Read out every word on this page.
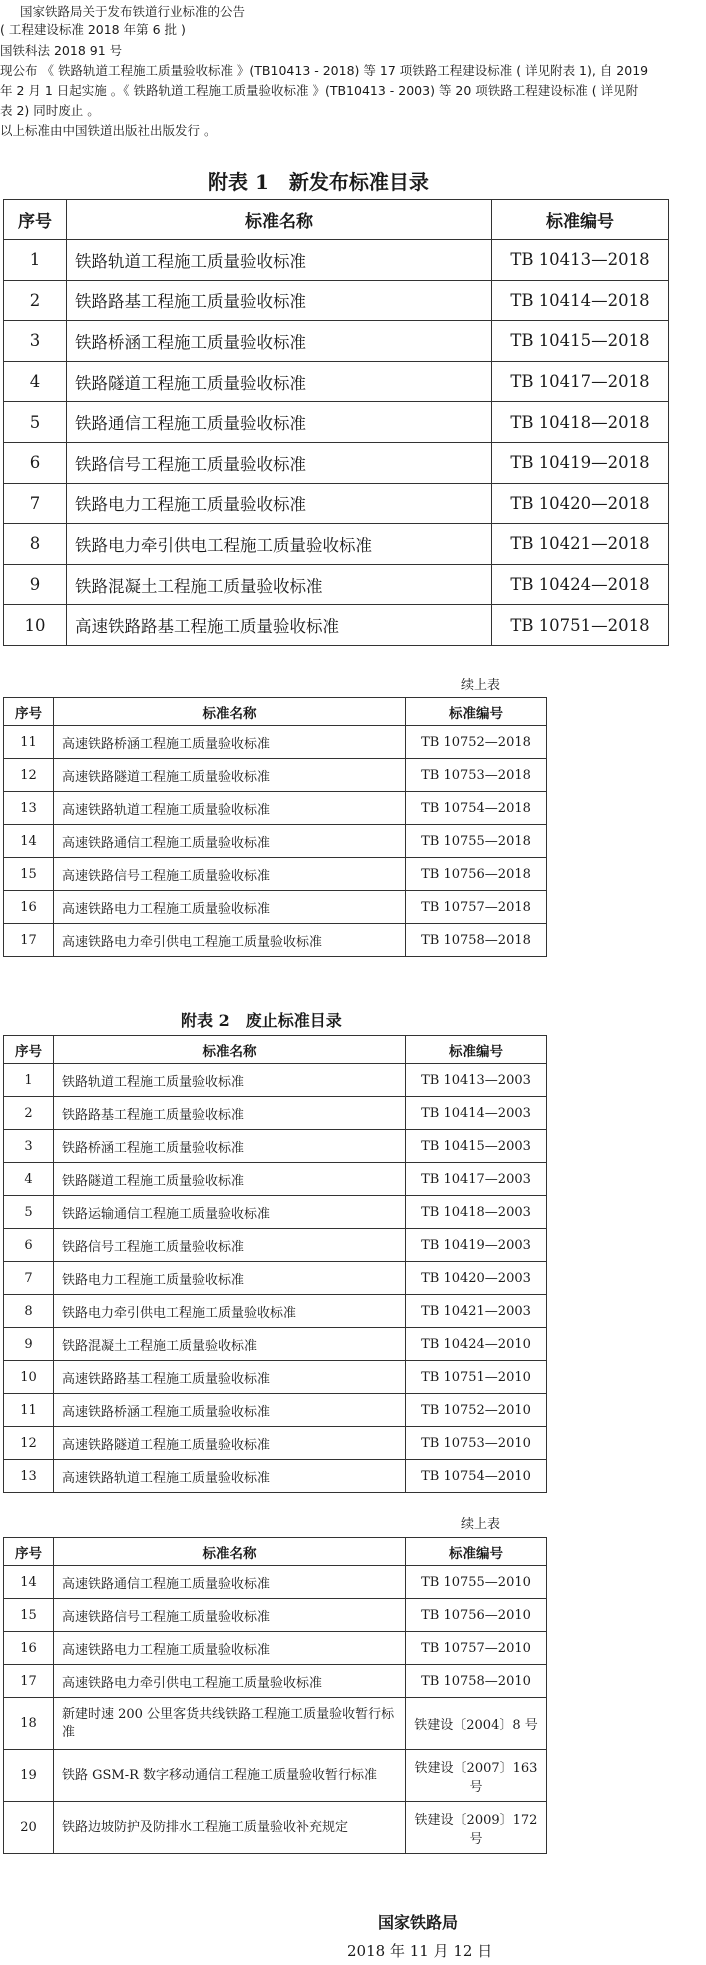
国家铁路局关于发布铁道行业标准的公告
( 工程建设标准 2018 年第 6 批 )
国铁科法 2018 91 号
现公布 《 铁路轨道工程施工质量验收标准 》(TB10413 - 2018) 等 17 项铁路工程建设标准 ( 详见附表 1), 自 2019
年 2 月 1 日起实施 。《 铁路轨道工程施工质量验收标准 》(TB10413 - 2003) 等 20 项铁路工程建设标准 ( 详见附
表 2) 同时废止 。
以上标准由中国铁道出版社出版发行 。
附表 1　新发布标准目录
序号	标准名称	标准编号
1	铁路轨道工程施工质量验收标准	TB 10413—2018
2	铁路路基工程施工质量验收标准	TB 10414—2018
3	铁路桥涵工程施工质量验收标准	TB 10415—2018
4	铁路隧道工程施工质量验收标准	TB 10417—2018
5	铁路通信工程施工质量验收标准	TB 10418—2018
6	铁路信号工程施工质量验收标准	TB 10419—2018
7	铁路电力工程施工质量验收标准	TB 10420—2018
8	铁路电力牵引供电工程施工质量验收标准	TB 10421—2018
9	铁路混凝土工程施工质量验收标准	TB 10424—2018
10	高速铁路路基工程施工质量验收标准	TB 10751—2018
续上表
序号	标准名称	标准编号
11	高速铁路桥涵工程施工质量验收标准	TB 10752—2018
12	高速铁路隧道工程施工质量验收标准	TB 10753—2018
13	高速铁路轨道工程施工质量验收标准	TB 10754—2018
14	高速铁路通信工程施工质量验收标准	TB 10755—2018
15	高速铁路信号工程施工质量验收标准	TB 10756—2018
16	高速铁路电力工程施工质量验收标准	TB 10757—2018
17	高速铁路电力牵引供电工程施工质量验收标准	TB 10758—2018
附表 2　废止标准目录
序号	标准名称	标准编号
1	铁路轨道工程施工质量验收标准	TB 10413—2003
2	铁路路基工程施工质量验收标准	TB 10414—2003
3	铁路桥涵工程施工质量验收标准	TB 10415—2003
4	铁路隧道工程施工质量验收标准	TB 10417—2003
5	铁路运输通信工程施工质量验收标准	TB 10418—2003
6	铁路信号工程施工质量验收标准	TB 10419—2003
7	铁路电力工程施工质量验收标准	TB 10420—2003
8	铁路电力牵引供电工程施工质量验收标准	TB 10421—2003
9	铁路混凝土工程施工质量验收标准	TB 10424—2010
10	高速铁路路基工程施工质量验收标准	TB 10751—2010
11	高速铁路桥涵工程施工质量验收标准	TB 10752—2010
12	高速铁路隧道工程施工质量验收标准	TB 10753—2010
13	高速铁路轨道工程施工质量验收标准	TB 10754—2010
续上表
序号	标准名称	标准编号
14	高速铁路通信工程施工质量验收标准	TB 10755—2010
15	高速铁路信号工程施工质量验收标准	TB 10756—2010
16	高速铁路电力工程施工质量验收标准	TB 10757—2010
17	高速铁路电力牵引供电工程施工质量验收标准	TB 10758—2010
18	新建时速 200 公里客货共线铁路工程施工质量验收暂行标准	铁建设〔2004〕8 号
19	铁路 GSM-R 数字移动通信工程施工质量验收暂行标准	铁建设〔2007〕163 号
20	铁路边坡防护及防排水工程施工质量验收补充规定	铁建设〔2009〕172 号
国家铁路局
2018 年 11 月 12 日
